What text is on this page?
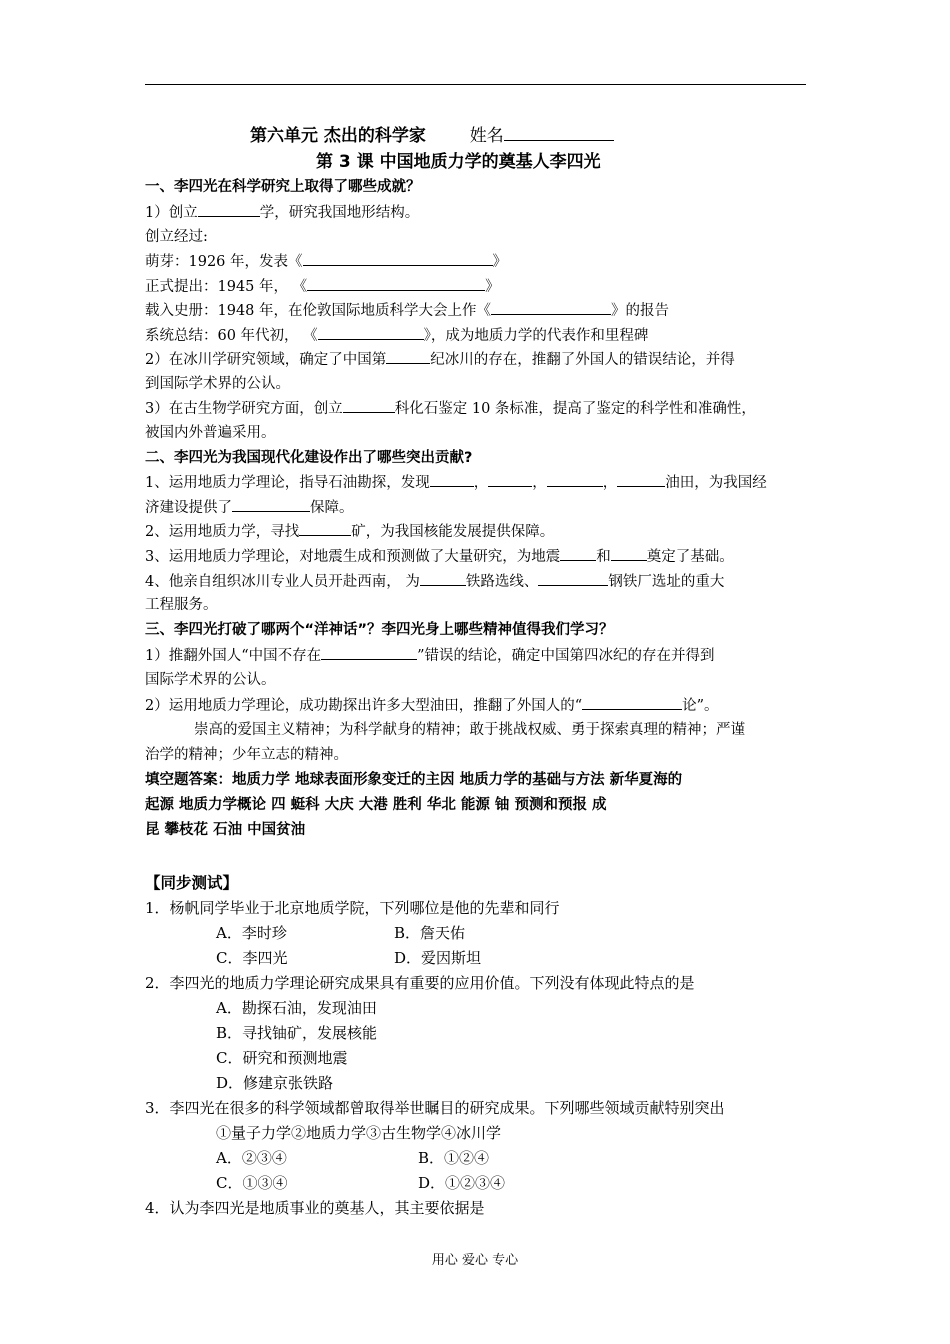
第六单元 杰出的科学家	姓名
第 3 课 中国地质力学的奠基人李四光
一、李四光在科学研究上取得了哪些成就？
1）创立	学，研究我国地形结构。
创立经过:
萌芽：1926 年，发表《	》
正式提出：1945 年， 《	》
载入史册：1948 年，在伦敦国际地质科学大会上作《	》的报告
系统总结：60 年代初， 《	》，成为地质力学的代表作和里程碑
2）在冰川学研究领域，确定了中国第	纪冰川的存在，推翻了外国人的错误结论，并得
到国际学术界的公认。
3）在古生物学研究方面，创立	科化石鉴定 10 条标准，提高了鉴定的科学性和准确性，
被国内外普遍采用。
二、李四光为我国现代化建设作出了哪些突出贡献?
1、运用地质力学理论，指导石油勘探，发现	，	，	，	油田，为我国经
济建设提供了	保障。
2、运用地质力学，寻找	矿，为我国核能发展提供保障。
3、运用地质力学理论，对地震生成和预测做了大量研究，为地震 和 奠定了基础。
4、他亲自组织冰川专业人员开赴西南， 为	铁路选线、	钢铁厂选址的重大
工程服务。
三、李四光打破了哪两个“洋神话”？李四光身上哪些精神值得我们学习？
1）推翻外国人“中国不存在	”错误的结论，确定中国第四冰纪的存在并得到
国际学术界的公认。
2）运用地质力学理论，成功勘探出许多大型油田，推翻了外国人的“	论”。
崇高的爱国主义精神；为科学献身的精神；敢于挑战权威、勇于探索真理的精神；严谨
治学的精神；少年立志的精神。
填空题答案：地质力学 地球表面形象变迁的主因 地质力学的基础与方法 新华夏海的
起源 地质力学概论 四 蜓科 大庆 大港 胜利 华北 能源 铀 预测和预报 成
昆 攀枝花 石油 中国贫油
【同步测试】
1．杨帆同学毕业于北京地质学院，下列哪位是他的先辈和同行
A．李时珍	B．詹天佑
C．李四光	D．爱因斯坦
2．李四光的地质力学理论研究成果具有重要的应用价值。下列没有体现此特点的是
A．勘探石油，发现油田
B．寻找铀矿，发展核能
C．研究和预测地震
D．修建京张铁路
3．李四光在很多的科学领域都曾取得举世瞩目的研究成果。下列哪些领域贡献特别突出
①量子力学②地质力学③古生物学④冰川学
A．②③④	B．①②④
C．①③④	D．①②③④
4．认为李四光是地质事业的奠基人，其主要依据是
用心 爱心 专心
